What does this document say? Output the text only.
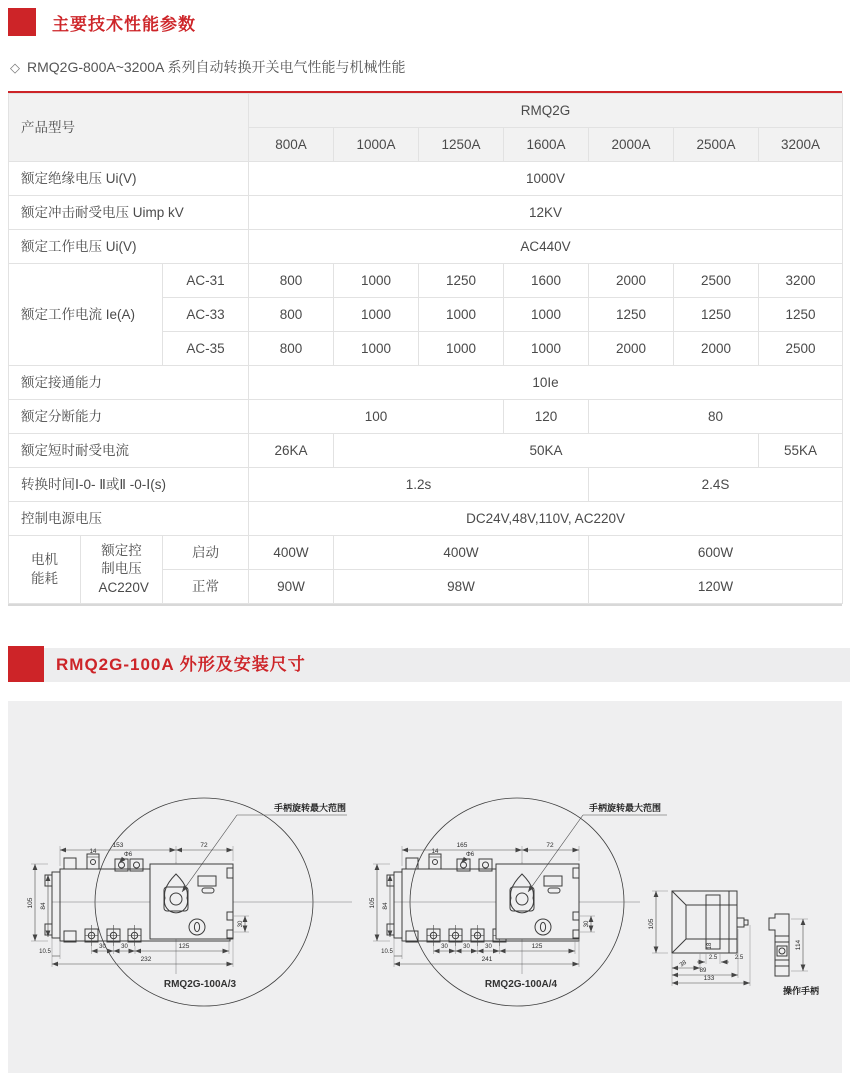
主要技术性能参数
◇ RMQ2G-800A~3200A 系列自动转换开关电气性能与机械性能
产品型号			RMQ2G						
			800A	1000A	1250A	1600A	2000A	2500A	3200A
额定绝缘电压 Ui(V)			1000V						
额定冲击耐受电压 Uimp kV			12KV						
额定工作电压 Ui(V)			AC440V						
额定工作电流 Ie(A)		AC-31	800	1000	1250	1600	2000	2500	3200
		AC-33	800	1000	1000	1000	1250	1250	1250
		AC-35	800	1000	1000	1000	2000	2000	2500
额定接通能力			10Ie						
额定分断能力			100			120	80		
额定短时耐受电流			26KA	50KA					55KA
转换时间Ⅰ-0- Ⅱ或Ⅱ -0-Ⅰ(s)			1.2s				2.4S		
控制电源电压			DC24V,48V,110V, AC220V						
电机能耗	额定控制电压AC220V	启动	400W	400W			600W		
		正常	90W	98W			120W		
RMQ2G-100A 外形及安装尺寸
153	72
14	Φ6
105 84
10.5
30	30	125
232
30
手柄旋转最大范围
RMQ2G-100A/3
165	72
14	Φ6
105 84
10.5
30	30	30	125
241
30
手柄旋转最大范围
RMQ2G-100A/4
105
18
2.5	2.5
38
89
133
114
操作手柄
